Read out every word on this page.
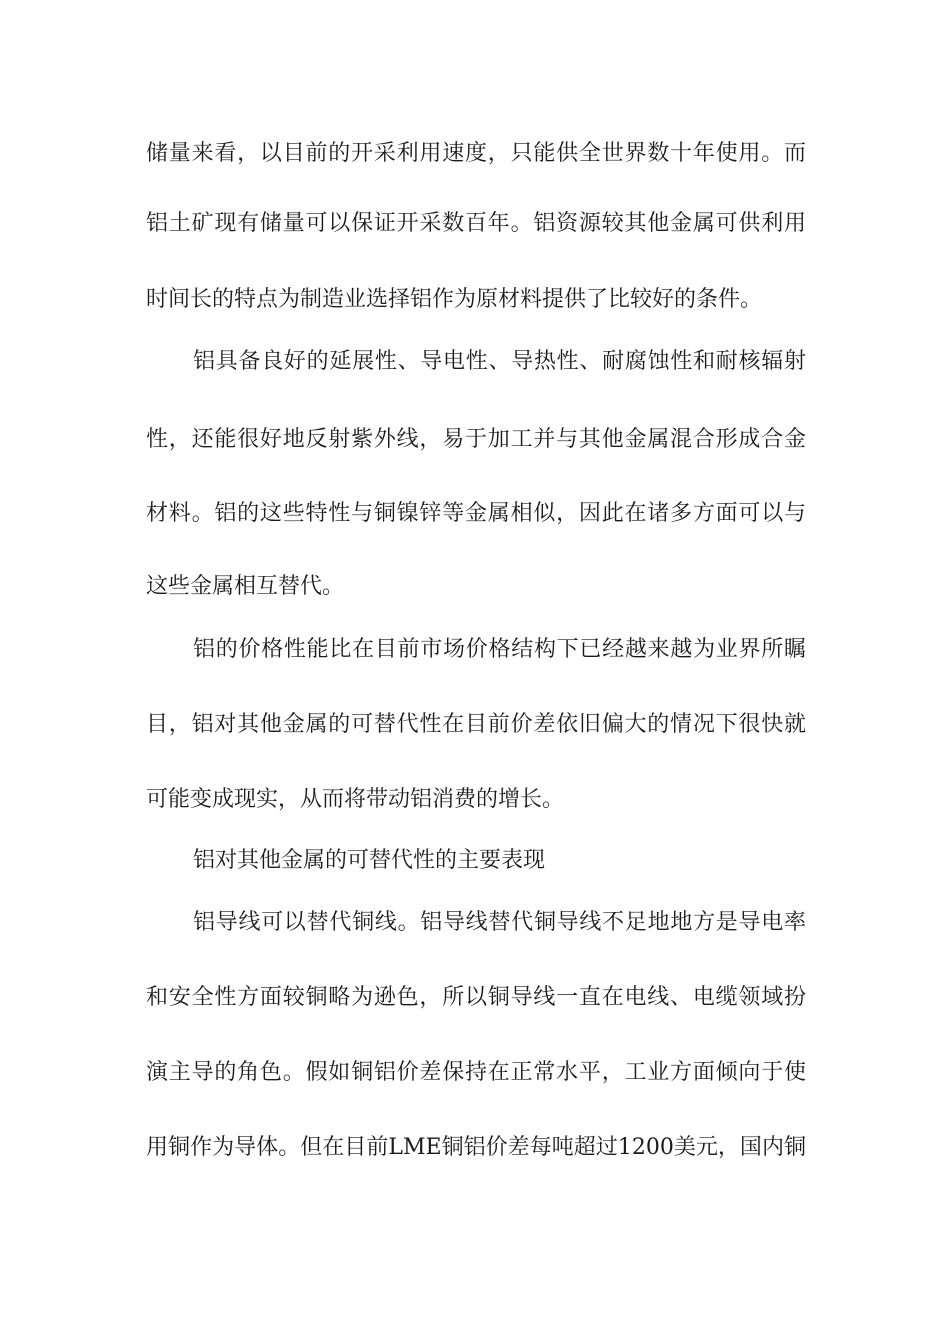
储量来看，以目前的开采利用速度，只能供全世界数十年使用。而
铝土矿现有储量可以保证开采数百年。铝资源较其他金属可供利用
时间长的特点为制造业选择铝作为原材料提供了比较好的条件。
铝具备良好的延展性、导电性、导热性、耐腐蚀性和耐核辐射
性，还能很好地反射紫外线，易于加工并与其他金属混合形成合金
材料。铝的这些特性与铜镍锌等金属相似，因此在诸多方面可以与
这些金属相互替代。
铝的价格性能比在目前市场价格结构下已经越来越为业界所瞩
目，铝对其他金属的可替代性在目前价差依旧偏大的情况下很快就
可能变成现实，从而将带动铝消费的增长。
铝对其他金属的可替代性的主要表现
铝导线可以替代铜线。铝导线替代铜导线不足地地方是导电率
和安全性方面较铜略为逊色，所以铜导线一直在电线、电缆领域扮
演主导的角色。假如铜铝价差保持在正常水平，工业方面倾向于使
用铜作为导体。但在目前LME铜铝价差每吨超过1200美元，国内铜
